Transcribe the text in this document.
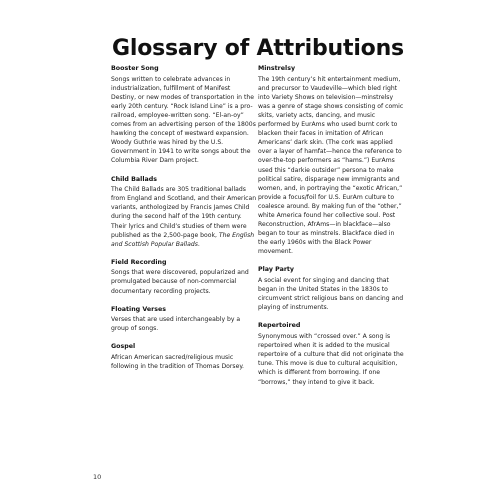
Glossary of Attributions
Booster Song

Songs written to celebrate advances in industrialization, fulfillment of Manifest Destiny, or new modes of transportation in the early 20th century. “Rock Island Line” is a pro-railroad, employee-written song. “El-an-oy” comes from an advertising person of the 1800s hawking the concept of westward expansion. Woody Guthrie was hired by the U.S. Government in 1941 to write songs about the Columbia River Dam project.

Child Ballads

The Child Ballads are 305 traditional ballads from England and Scotland, and their American variants, anthologized by Francis James Child during the second half of the 19th century. Their lyrics and Child’s studies of them were published as the 2,500-page book, The English and Scottish Popular Ballads.

Field Recording

Songs that were discovered, popularized and promulgated because of non-commercial documentary recording projects.

Floating Verses

Verses that are used interchangeably by a group of songs.

Gospel

African American sacred/religious music following in the tradition of Thomas Dorsey.

Minstrelsy

The 19th century’s hit entertainment medium, and precursor to Vaudeville—which bled right into Variety Shows on television—minstrelsy was a genre of stage shows consisting of comic skits, variety acts, dancing, and music performed by EurAms who used burnt cork to blacken their faces in imitation of African Americans’ dark skin. (The cork was applied over a layer of hamfat—hence the reference to over-the-top performers as “hams.”) EurAms used this “darkie outsider” persona to make political satire, disparage new immigrants and women, and, in portraying the “exotic African,” provide a focus/foil for U.S. EurAm culture to coalesce around. By making fun of the “other,” white America found her collective soul. Post Reconstruction, AfrAms—in blackface—also began to tour as minstrels. Blackface died in the early 1960s with the Black Power movement.

Play Party

A social event for singing and dancing that began in the United States in the 1830s to circumvent strict religious bans on dancing and playing of instruments.

Repertoired

Synonymous with “crossed over.” A song is repertoired when it is added to the musical repertoire of a culture that did not originate the tune. This move is due to cultural acquisition, which is different from borrowing. If one “borrows,” they intend to give it back.

10
